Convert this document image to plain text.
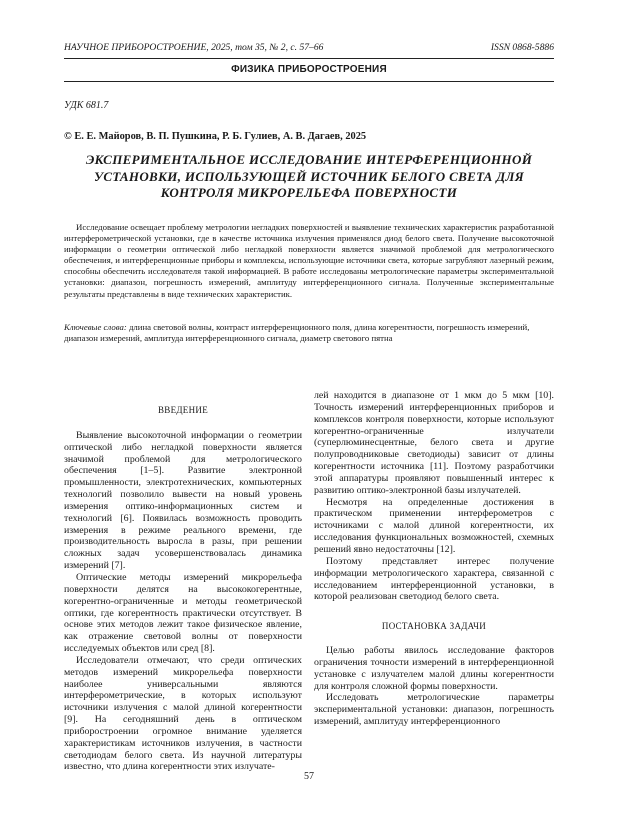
НАУЧНОЕ ПРИБОРОСТРОЕНИЕ, 2025, том 35, № 2, с. 57–66	ISSN 0868-5886
ФИЗИКА ПРИБОРОСТРОЕНИЯ
УДК 681.7
© Е. Е. Майоров, В. П. Пушкина, Р. Б. Гулиев, А. В. Дагаев, 2025
ЭКСПЕРИМЕНТАЛЬНОЕ ИССЛЕДОВАНИЕ ИНТЕРФЕРЕНЦИОННОЙ УСТАНОВКИ, ИСПОЛЬЗУЮЩЕЙ ИСТОЧНИК БЕЛОГО СВЕТА ДЛЯ КОНТРОЛЯ МИКРОРЕЛЬЕФА ПОВЕРХНОСТИ
Исследование освещает проблему метрологии негладких поверхностей и выявление технических характеристик разработанной интерферометрической установки, где в качестве источника излучения применялся диод белого света. Получение высокоточной информации о геометрии оптической либо негладкой поверхности является значимой проблемой для метрологического обеспечения, и интерференционные приборы и комплексы, использующие источники света, которые загрубляют лазерный режим, способны обеспечить исследователя такой информацией. В работе исследованы метрологические параметры экспериментальной установки: диапазон, погрешность измерений, амплитуду интерференционного сигнала. Полученные экспериментальные результаты представлены в виде технических характеристик.
Ключевые слова: длина световой волны, контраст интерференционного поля, длина когерентности, погрешность измерений, диапазон измерений, амплитуда интерференционного сигнала, диаметр светового пятна
ВВЕДЕНИЕ

Выявление высокоточной информации о геометрии оптической либо негладкой поверхности является значимой проблемой для метрологического обеспечения [1–5]. Развитие электронной промышленности, электротехнических, компьютерных технологий позволило вывести на новый уровень измерения оптико-информационных систем и технологий [6]. Появилась возможность проводить измерения в режиме реального времени, где производительность выросла в разы, при решении сложных задач усовершенствовалась динамика измерений [7].

Оптические методы измерений микрорельефа поверхности делятся на высококогерентные, когерентно-ограниченные и методы геометрической оптики, где когерентность практически отсутствует. В основе этих методов лежит такое физическое явление, как отражение световой волны от поверхности исследуемых объектов или сред [8].

Исследователи отмечают, что среди оптических методов измерений микрорельефа поверхности наиболее универсальными являются интерферометрические, в которых используют источники излучения с малой длиной когерентности [9]. На сегодняшний день в оптическом приборостроении огромное внимание уделяется характеристикам источников излучения, в частности светодиодам белого света. Из научной литературы известно, что длина когерентности этих излучате-

лей находится в диапазоне от 1 мкм до 5 мкм [10]. Точность измерений интерференционных приборов и комплексов контроля поверхности, которые используют когерентно-ограниченные излучатели (суперлюминесцентные, белого света и другие полупроводниковые светодиоды) зависит от длины когерентности источника [11]. Поэтому разработчики этой аппаратуры проявляют повышенный интерес к развитию оптико-электронной базы излучателей.

Несмотря на определенные достижения в практическом применении интерферометров с источниками с малой длиной когерентности, их исследования функциональных возможностей, схемных решений явно недостаточны [12].

Поэтому представляет интерес получение информации метрологического характера, связанной с исследованием интерференционной установки, в которой реализован светодиод белого света.

ПОСТАНОВКА ЗАДАЧИ

Целью работы явилось исследование факторов ограничения точности измерений в интерференционной установке с излучателем малой длины когерентности для контроля сложной формы поверхности.

Исследовать метрологические параметры экспериментальной установки: диапазон, погрешность измерений, амплитуду интерференционного

57
